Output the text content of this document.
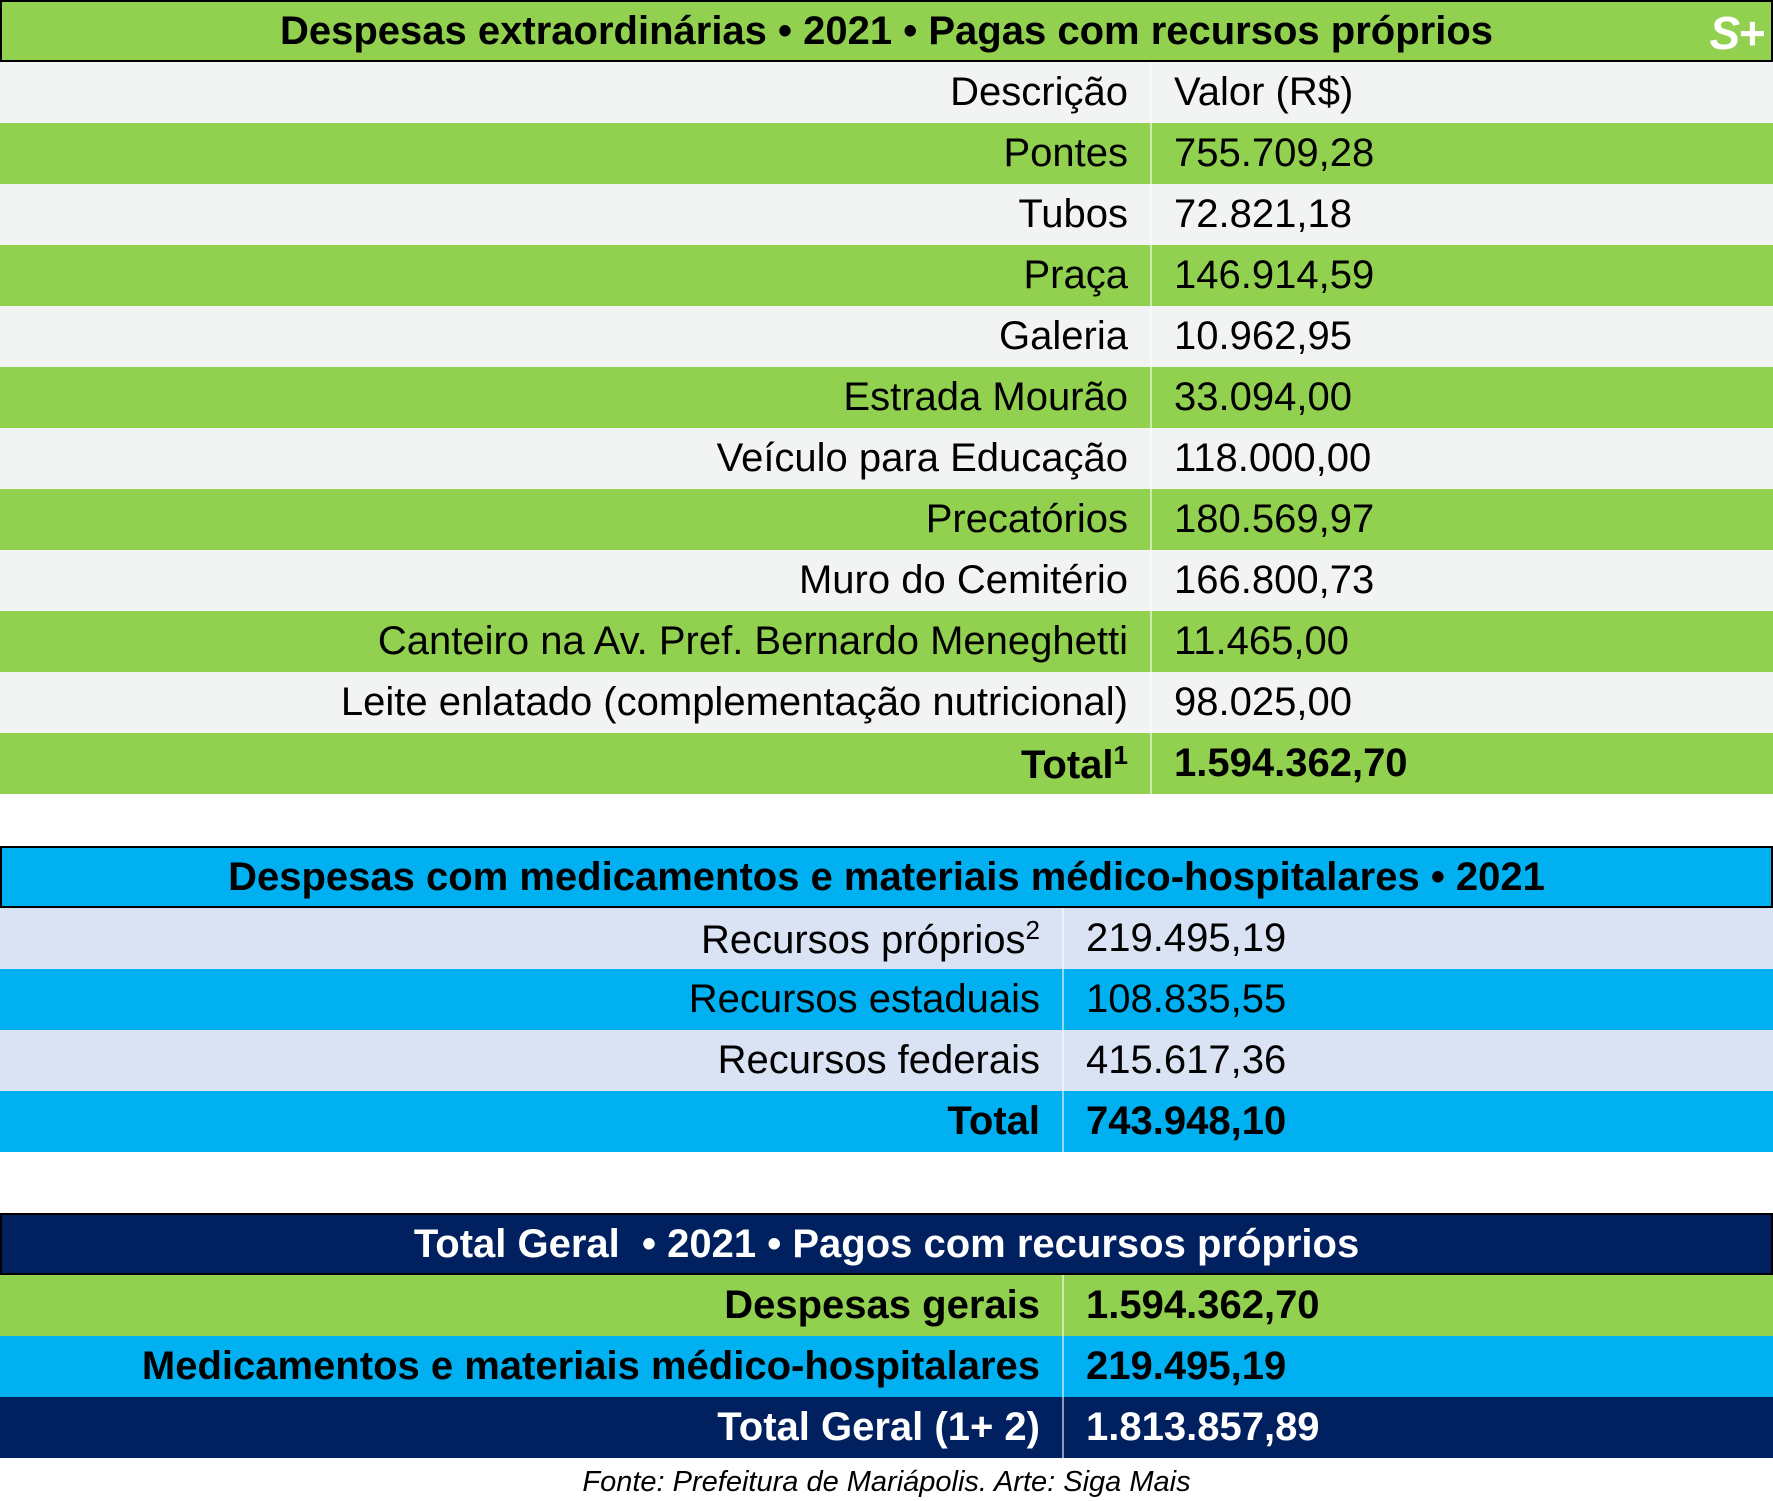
Despesas extraordinárias • 2021 • Pagas com recursos próprios	S+
Descrição	Valor (R$)
Pontes	755.709,28
Tubos	72.821,18
Praça	146.914,59
Galeria	10.962,95
Estrada Mourão	33.094,00
Veículo para Educação	118.000,00
Precatórios	180.569,97
Muro do Cemitério	166.800,73
Canteiro na Av. Pref. Bernardo Meneghetti	11.465,00
Leite enlatado (complementação nutricional)	98.025,00
Total$^1$	1.594.362,70
Despesas com medicamentos e materiais médico-hospitalares • 2021
Recursos próprios$^2$	219.495,19
Recursos estaduais	108.835,55
Recursos federais	415.617,36
Total	743.948,10
Total Geral  • 2021 • Pagos com recursos próprios
Despesas gerais	1.594.362,70
Medicamentos e materiais médico-hospitalares	219.495,19
Total Geral (1+ 2)	1.813.857,89
Fonte: Prefeitura de Mariápolis. Arte: Siga Mais
